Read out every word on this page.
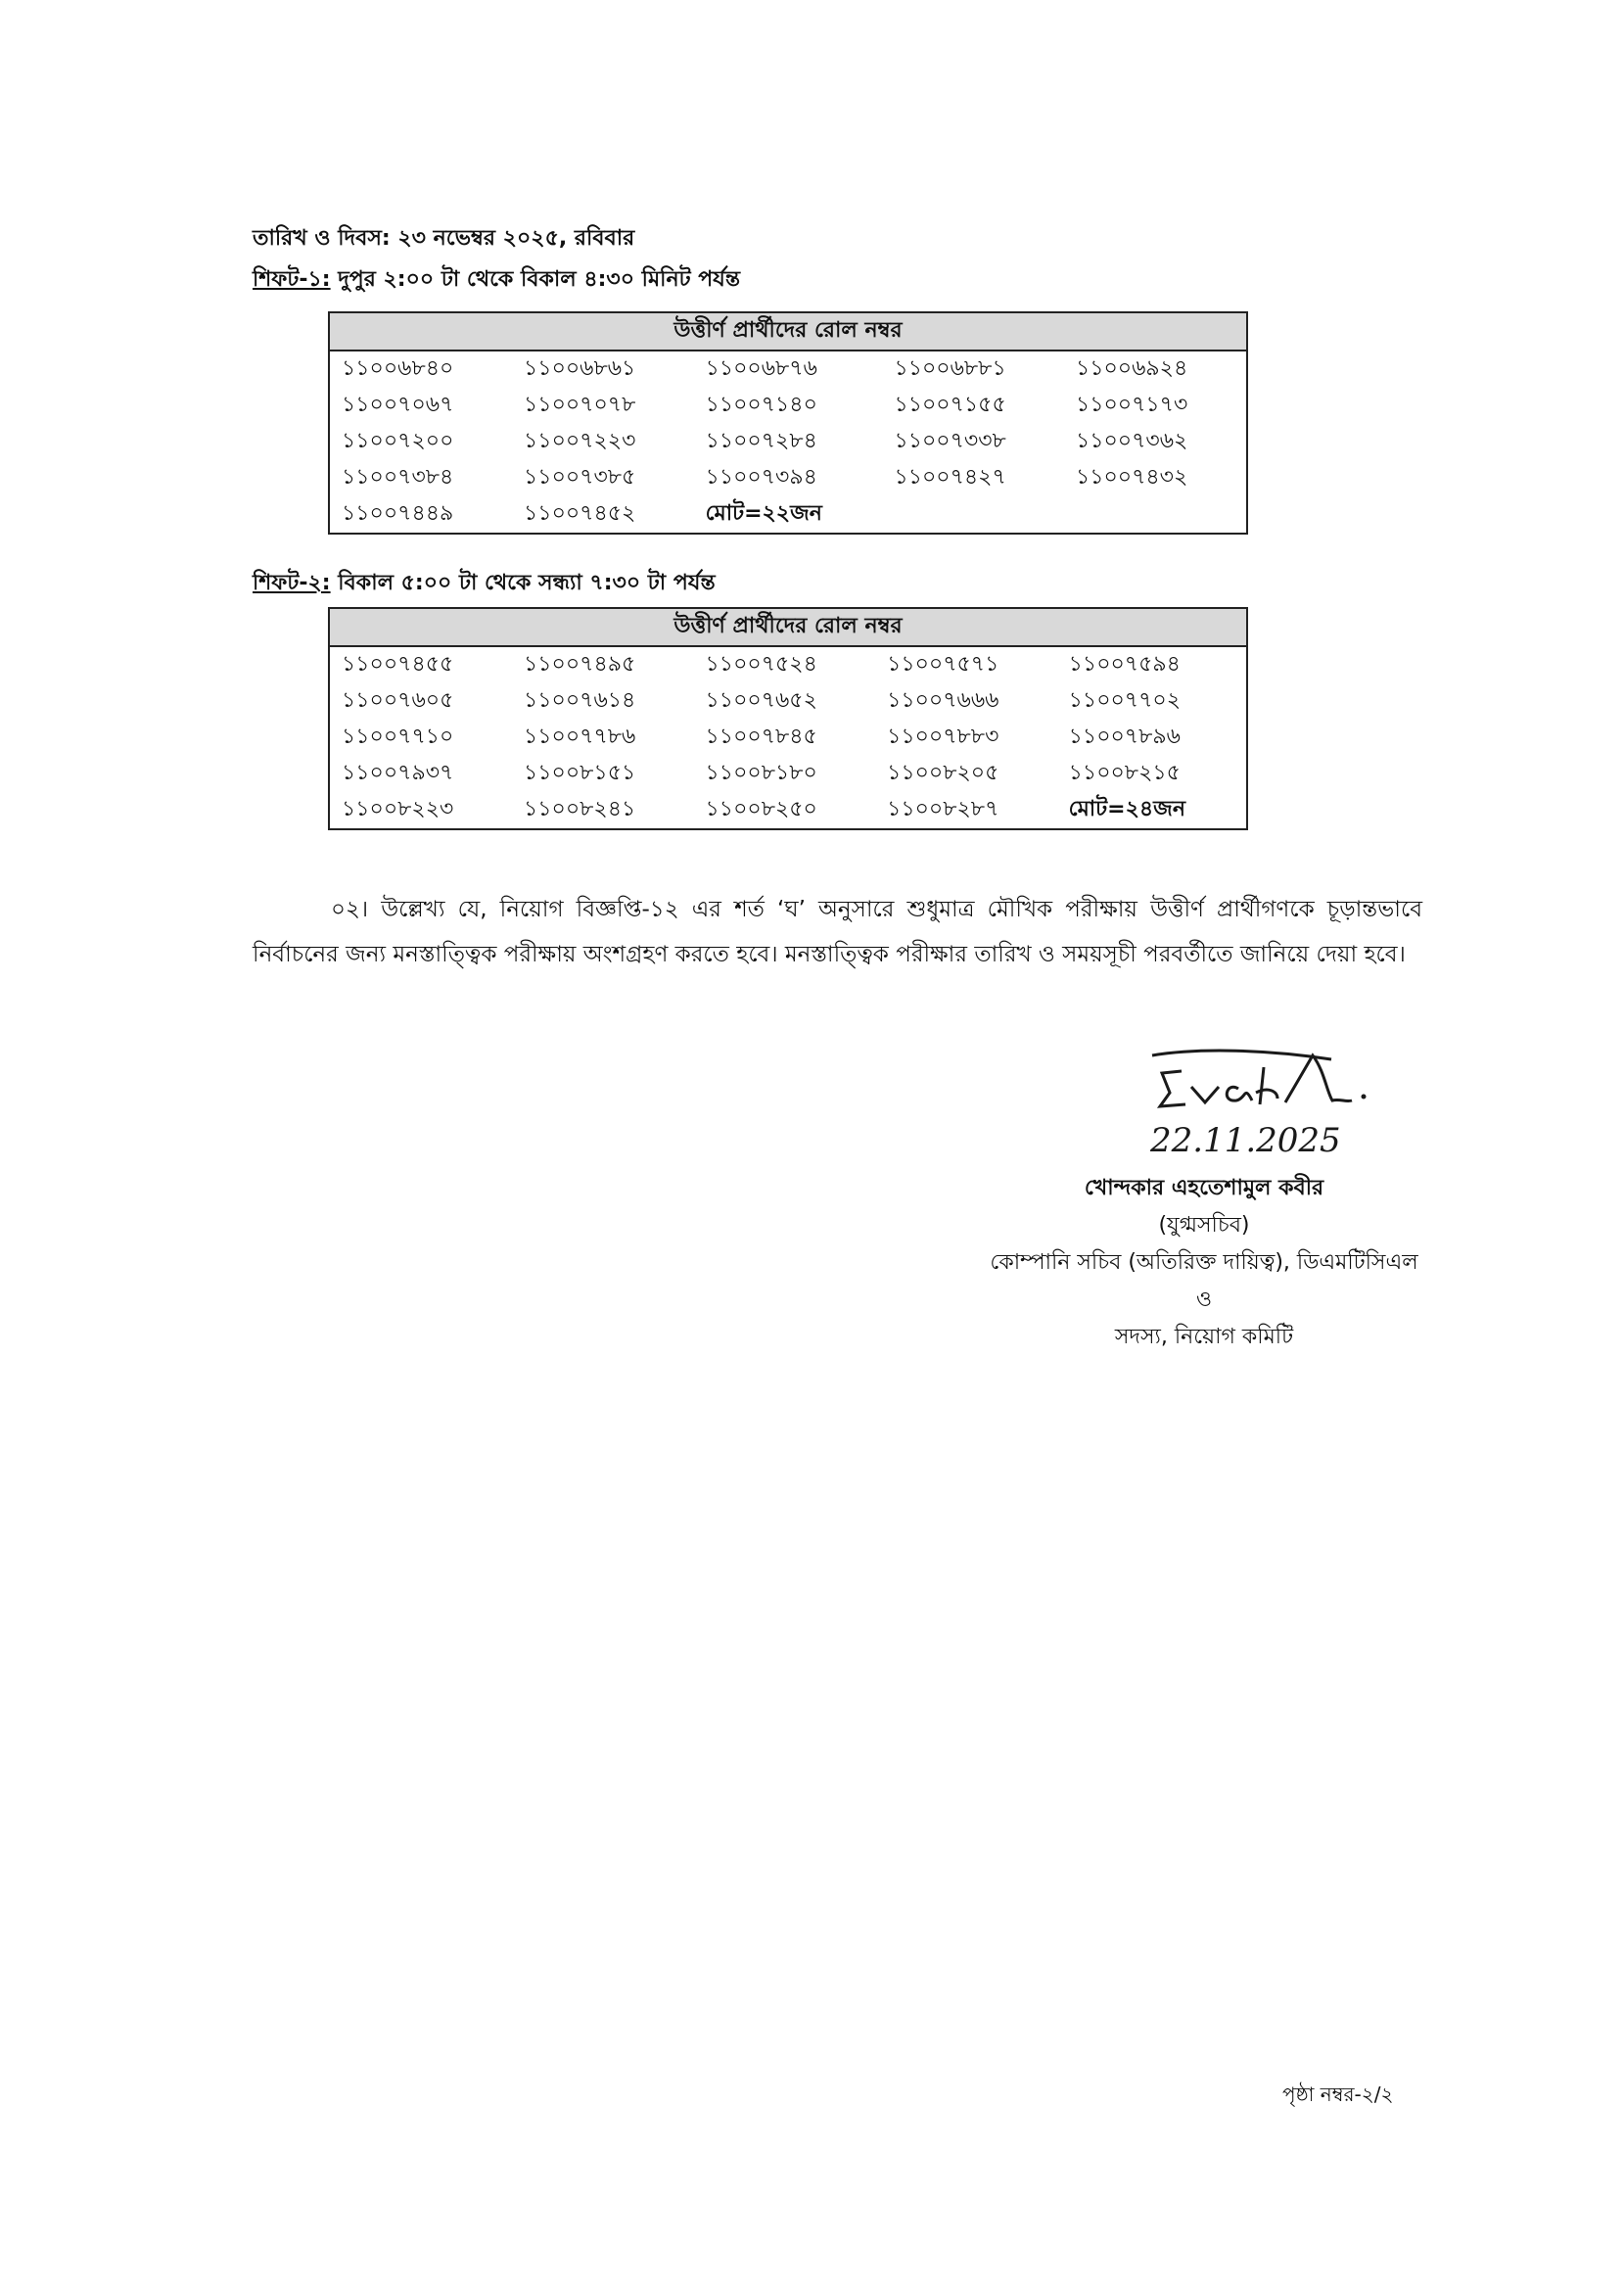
তারিখ ও দিবস: ২৩ নভেম্বর ২০২৫, রবিবার
শিফট-১: দুপুর ২:০০ টা থেকে বিকাল ৪:৩০ মিনিট পর্যন্ত
উত্তীর্ণ প্রার্থীদের রোল নম্বর				
১১০০৬৮৪০	১১০০৬৮৬১	১১০০৬৮৭৬	১১০০৬৮৮১	১১০০৬৯২৪
১১০০৭০৬৭	১১০০৭০৭৮	১১০০৭১৪০	১১০০৭১৫৫	১১০০৭১৭৩
১১০০৭২০০	১১০০৭২২৩	১১০০৭২৮৪	১১০০৭৩৩৮	১১০০৭৩৬২
১১০০৭৩৮৪	১১০০৭৩৮৫	১১০০৭৩৯৪	১১০০৭৪২৭	১১০০৭৪৩২
১১০০৭৪৪৯	১১০০৭৪৫২	মোট=২২জন		
শিফট-২: বিকাল ৫:০০ টা থেকে সন্ধ্যা ৭:৩০ টা পর্যন্ত
উত্তীর্ণ প্রার্থীদের রোল নম্বর				
১১০০৭৪৫৫	১১০০৭৪৯৫	১১০০৭৫২৪	১১০০৭৫৭১	১১০০৭৫৯৪
১১০০৭৬০৫	১১০০৭৬১৪	১১০০৭৬৫২	১১০০৭৬৬৬	১১০০৭৭০২
১১০০৭৭১০	১১০০৭৭৮৬	১১০০৭৮৪৫	১১০০৭৮৮৩	১১০০৭৮৯৬
১১০০৭৯৩৭	১১০০৮১৫১	১১০০৮১৮০	১১০০৮২০৫	১১০০৮২১৫
১১০০৮২২৩	১১০০৮২৪১	১১০০৮২৫০	১১০০৮২৮৭	মোট=২৪জন
০২। উল্লেখ্য যে, নিয়োগ বিজ্ঞপ্তি-১২ এর শর্ত ‘ঘ’ অনুসারে শুধুমাত্র মৌখিক পরীক্ষায় উত্তীর্ণ প্রার্থীগণকে চূড়ান্তভাবে নির্বাচনের জন্য মনস্তাত্ত্বিক পরীক্ষায় অংশগ্রহণ করতে হবে। মনস্তাত্ত্বিক পরীক্ষার তারিখ ও সময়সূচী পরবর্তীতে জানিয়ে দেয়া হবে।
22.11.2025
খোন্দকার এহতেশামুল কবীর
(যুগ্মসচিব)
কোম্পানি সচিব (অতিরিক্ত দায়িত্ব), ডিএমটিসিএল
ও
সদস্য, নিয়োগ কমিটি
পৃষ্ঠা নম্বর-২/২
